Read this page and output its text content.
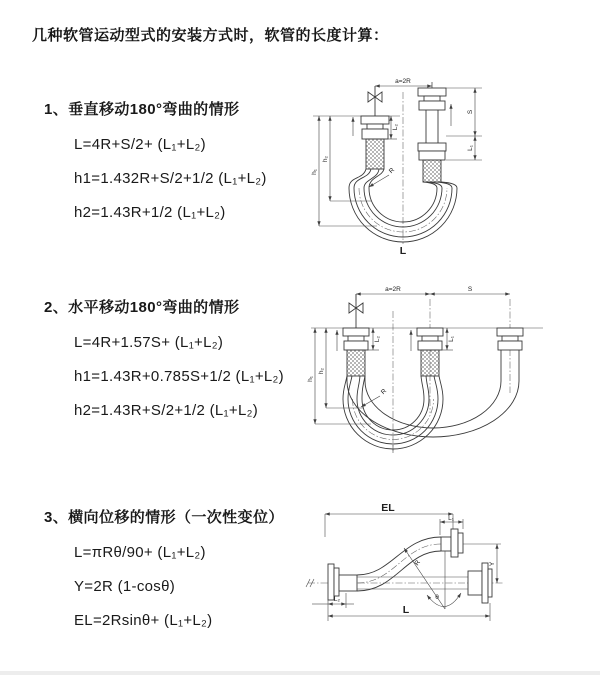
几种软管运动型式的安装方式时，软管的长度计算：
1、垂直移动180°弯曲的情形
L=4R+S/2+ (L₁+L₂)
h1=1.432R+S/2+1/2 (L₁+L₂)
h2=1.43R+1/2 (L₁+L₂)
a=2R
h₁
h₂
L₂
S
L₁
R
L
2、水平移动180°弯曲的情形
L=4R+1.57S+ (L₁+L₂)
h1=1.43R+0.785S+1/2 (L₁+L₂)
h2=1.43R+S/2+1/2 (L₁+L₂)
a=2R	S
h₁
h₂
L₂	L₁
R
3、横向位移的情形（一次性变位）
L=πRθ/90+ (L₁+L₂)
Y=2R (1-cosθ)
EL=2Rsinθ+ (L₁+L₂)
EL
L₁
Y
R
θ
L₂
L
